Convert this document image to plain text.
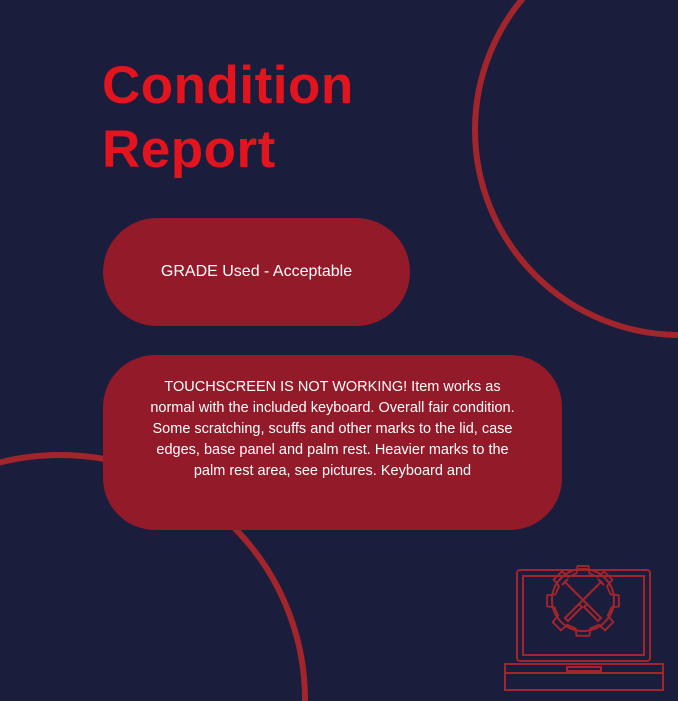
Condition
Report
GRADE Used - Acceptable
TOUCHSCREEN IS NOT WORKING! Item works as normal with the included keyboard. Overall fair condition. Some scratching, scuffs and other marks to the lid, case edges, base panel and palm rest. Heavier marks to the palm rest area, see pictures. Keyboard and
